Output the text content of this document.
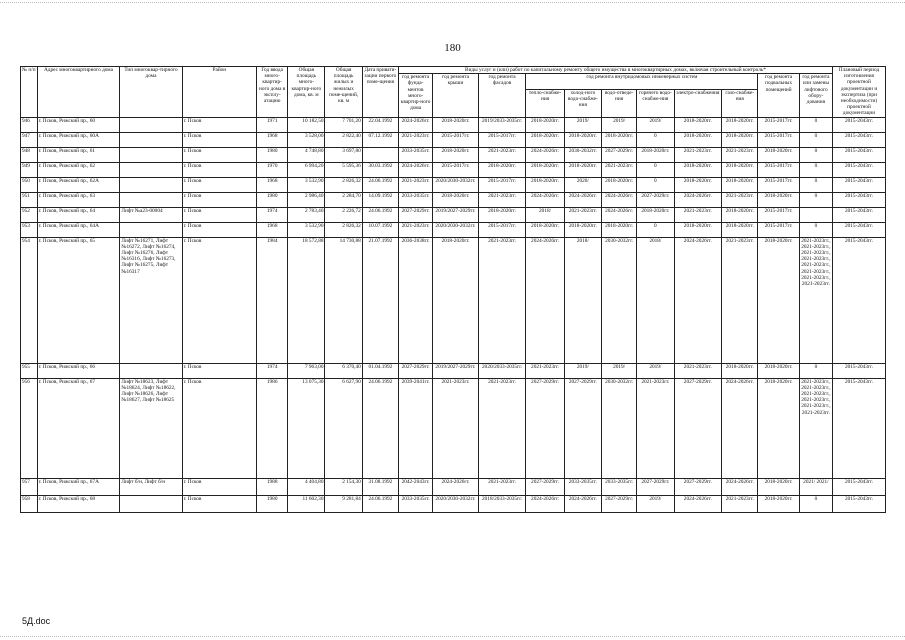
180
№ п/п	Адрес многоквартирного дома	Тип многоквар-тирного дома	Район	Год ввода много-квартир-ного дома в эксплу-атацию	Общая площадь много-квартир-ного дома, кв. м	Общая площадь жилых и нежилых поме-щений, кв. м	Дата привати-зации первого поме-щения	Виды услуг и (или) работ по капитальному ремонту общего имущества в многоквартирных домах, включая строительный контроль*											Плановый период изготовления проектной документации и экспертиза (при необходимости) проектной документации
								год ремонта фунда-ментов много-квартир-ного дома	год ремонта крыши	год ремонта фасадов	год ремонта внутридомовых инженерных систем						год ремонта подвальных помещений	год ремонта или замены лифтового обору-дования	
											тепло-снабже-ния	холод-ного водо-снабже-ния	водо-отведе-ния	горячего водо-снабже-ния	электро-снабжения	газо-снабже-ния			
946	г. Псков, Рижский пр., 60		г. Псков	1971	10 182,50	7 701,20	22.04.1992	2024-2026гг.	2018-2020гг.	2019/2033-2035гг.	2018-2020гг.	2019/	2019/	2019/	2018-2020гг.	2018-2020гг.	2015-2017гг.	0	2015-2043гг.
947	г. Псков, Рижский пр., 60А		г. Псков	1968	3 528,00	2 822,40	07.12.1992	2021-2023гг.	2015-2017гг.	2015-2017гг.	2018-2020гг.	2018-2020гг.	2018-2020гг.	0	2018-2020гг.	2018-2020гг.	2015-2017гг.	0	2015-2043гг.
948	г. Псков, Рижский пр., 61		г. Псков	1980	4 748,80	3 697,80		2033-2035гг.	2018-2020гг.	2021-2023гг.	2024-2026гг.	2030-2032гг.	2027-2029гг.	2018-2020гг.	2021-2023гг.	2021-2023гг.	2018-2020гг.	0	2015-2043гг.
949	г. Псков, Рижский пр., 62		г. Псков	1970	6 994,20	5 595,36	30.03.1992	2024-2026гг.	2015-2017гг.	2018-2020гг.	2018-2020гг.	2018-2020гг.	2021-2023гг.	0	2018-2020гг.	2018-2020гг.	2015-2017гг.	0	2015-2043гг.
950	г. Псков, Рижский пр., 62А		г. Псков	1968	3 532,90	2 826,32	24.06.1992	2021-2023гг.	2020/2030-2032гг.	2015-2017гг.	2018-2020гг.	2020/	2018-2020гг.	0	2018-2020гг.	2018-2020гг.	2015-2017гг.	0	2015-2043гг.
951	г. Псков, Рижский пр., 63		г. Псков	1980	2 986,40	2 284,70	14.09.1992	2033-2035гг.	2018-2020гг.	2021-2023гг.	2024-2026гг.	2024-2026гг.	2024-2026гг.	2027-2029гг.	2024-2026гг.	2021-2023гг.	2018-2020гг.	0	2015-2043гг.
952	г. Псков, Рижский пр., 64	Лифт №а23-00004	г. Псков	1974	2 783,40	2 226,72	24.06.1992	2027-2029гг.	2019/2027-2029гг.	2018-2020гг.	2018/	2021-2023гг.	2024-2026гг.	2018-2020гг.	2021-2023гг.	2018-2020гг.	2015-2017гг.		2015-2043гг.
953	г. Псков, Рижский пр., 64А		г. Псков	1968	3 532,90	2 826,32	10.07.1992	2021-2023гг.	2020/2030-2032гг.	2015-2017гг.	2018-2020гг.	2018-2020гг.	2018-2020гг.	0	2018-2020гг.	2018-2020гг.	2015-2017гг.	0	2015-2043гг.
954	г. Псков, Рижский пр., 65	Лифт №16271, Лифт №16272, Лифт №16274, Лифт №16276, Лифт №16316, Лифт №16273, Лифт №16275, Лифт №16317	г. Псков	1984	18 572,88	14 730,88	21.07.1992	2036-2038гг.	2018-2020гг.	2021-2023гг.	2024-2026гг.	2018/	2030-2032гг.	2018/	2024-2026гг.	2021-2023гг.	2018-2020гг.	2021-2023гг., 2021-2023гг., 2021-2023гг., 2021-2023гг., 2021-2023гг., 2021-2023гг., 2021-2023гг., 2021-2023гг.	2015-2043гг.
955	г. Псков, Рижский пр., 66		г. Псков	1974	7 963,00	6 370,40	01.04.1992	2027-2029гг.	2019/2027-2029гг.	2020/2033-2035гг.	2021-2023гг.	2019/	2019/	2019/	2021-2023гг.	2018-2020гг.	2018-2020гг.	0	2015-2043гг.
956	г. Псков, Рижский пр., 67	Лифт №18623, Лифт №18624, Лифт №18622, Лифт №18626, Лифт №18627, Лифт №18625	г. Псков	1986	13 075,30	6 627,90	24.06.1992	2039-2041гг.	2021-2023гг.	2021-2023гг.	2027-2029гг.	2027-2029гг.	2030-2032гг.	2021-2023гг.	2027-2029гг.	2024-2026гг.	2018-2020гг.	2021-2023гг., 2021-2023гг., 2021-2023гг., 2021-2023гг., 2021-2023гг., 2021-2023гг.	2015-2043гг.
957	г. Псков, Рижский пр., 67А	Лифт б/н, Лифт б/н	г. Псков	1988	4 404,80	2 154,30	31.08.1992	2042-2043гг.	2024-2026гг.	2021-2023гг.	2027-2029гг.	2033-2035гг.	2033-2035гг.	2027-2029гг.	2027-2029гг.	2024-2026гг.	2018-2020гг.	2021/ 2021/	2015-2043гг.
958	г. Псков, Рижский пр., 68		г. Псков	1980	11 602,30	9 281,84	24.06.1992	2033-2035гг.	2020/2030-2032гг.	2018/2033-2035гг.	2024-2026гг.	2024-2026гг.	2027-2029гг.	2019/	2024-2026гг.	2021-2023гг.	2018-2020гг.	0	2015-2043гг.
5Д.doc
